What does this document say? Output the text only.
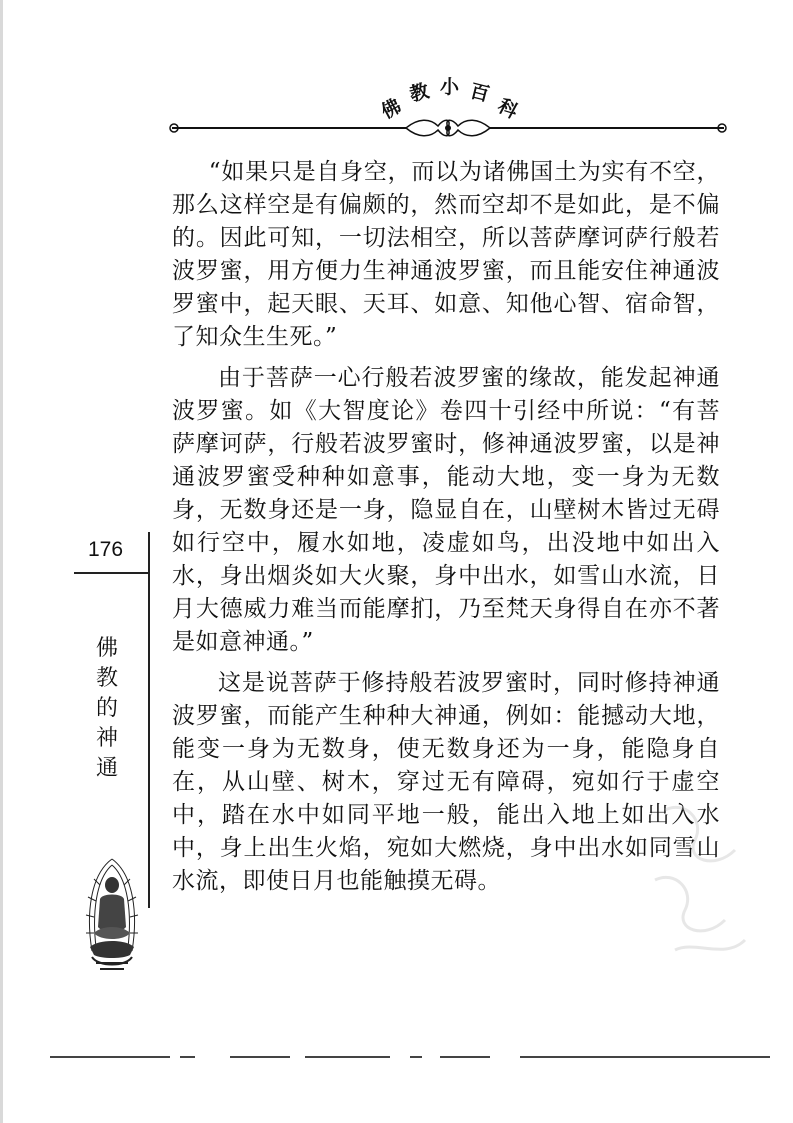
佛
教 小 百
科

“如果只是自身空，而以为诸佛国土为实有不空，那么这样空是有偏颇的，然而空却不是如此，是不偏的。因此可知，一切法相空，所以菩萨摩诃萨行般若波罗蜜，用方便力生神通波罗蜜，而且能安住神通波罗蜜中，起天眼、天耳、如意、知他心智、宿命智，了知众生生死。”

由于菩萨一心行般若波罗蜜的缘故，能发起神通波罗蜜。如《大智度论》卷四十引经中所说：“有菩萨摩诃萨，行般若波罗蜜时，修神通波罗蜜，以是神通波罗蜜受种种如意事，能动大地，变一身为无数身，无数身还是一身，隐显自在，山壁树木皆过无碍如行空中，履水如地，凌虚如鸟，出没地中如出入水，身出烟炎如大火聚，身中出水，如雪山水流，日月大德威力难当而能摩扪，乃至梵天身得自在亦不著是如意神通。”

这是说菩萨于修持般若波罗蜜时，同时修持神通波罗蜜，而能产生种种大神通，例如：能撼动大地，能变一身为无数身，使无数身还为一身，能隐身自在，从山壁、树木，穿过无有障碍，宛如行于虚空中，踏在水中如同平地一般，能出入地上如出入水中，身上出生火焰，宛如大燃烧，身中出水如同雪山水流，即使日月也能触摸无碍。

176
佛
教
的
神
通
